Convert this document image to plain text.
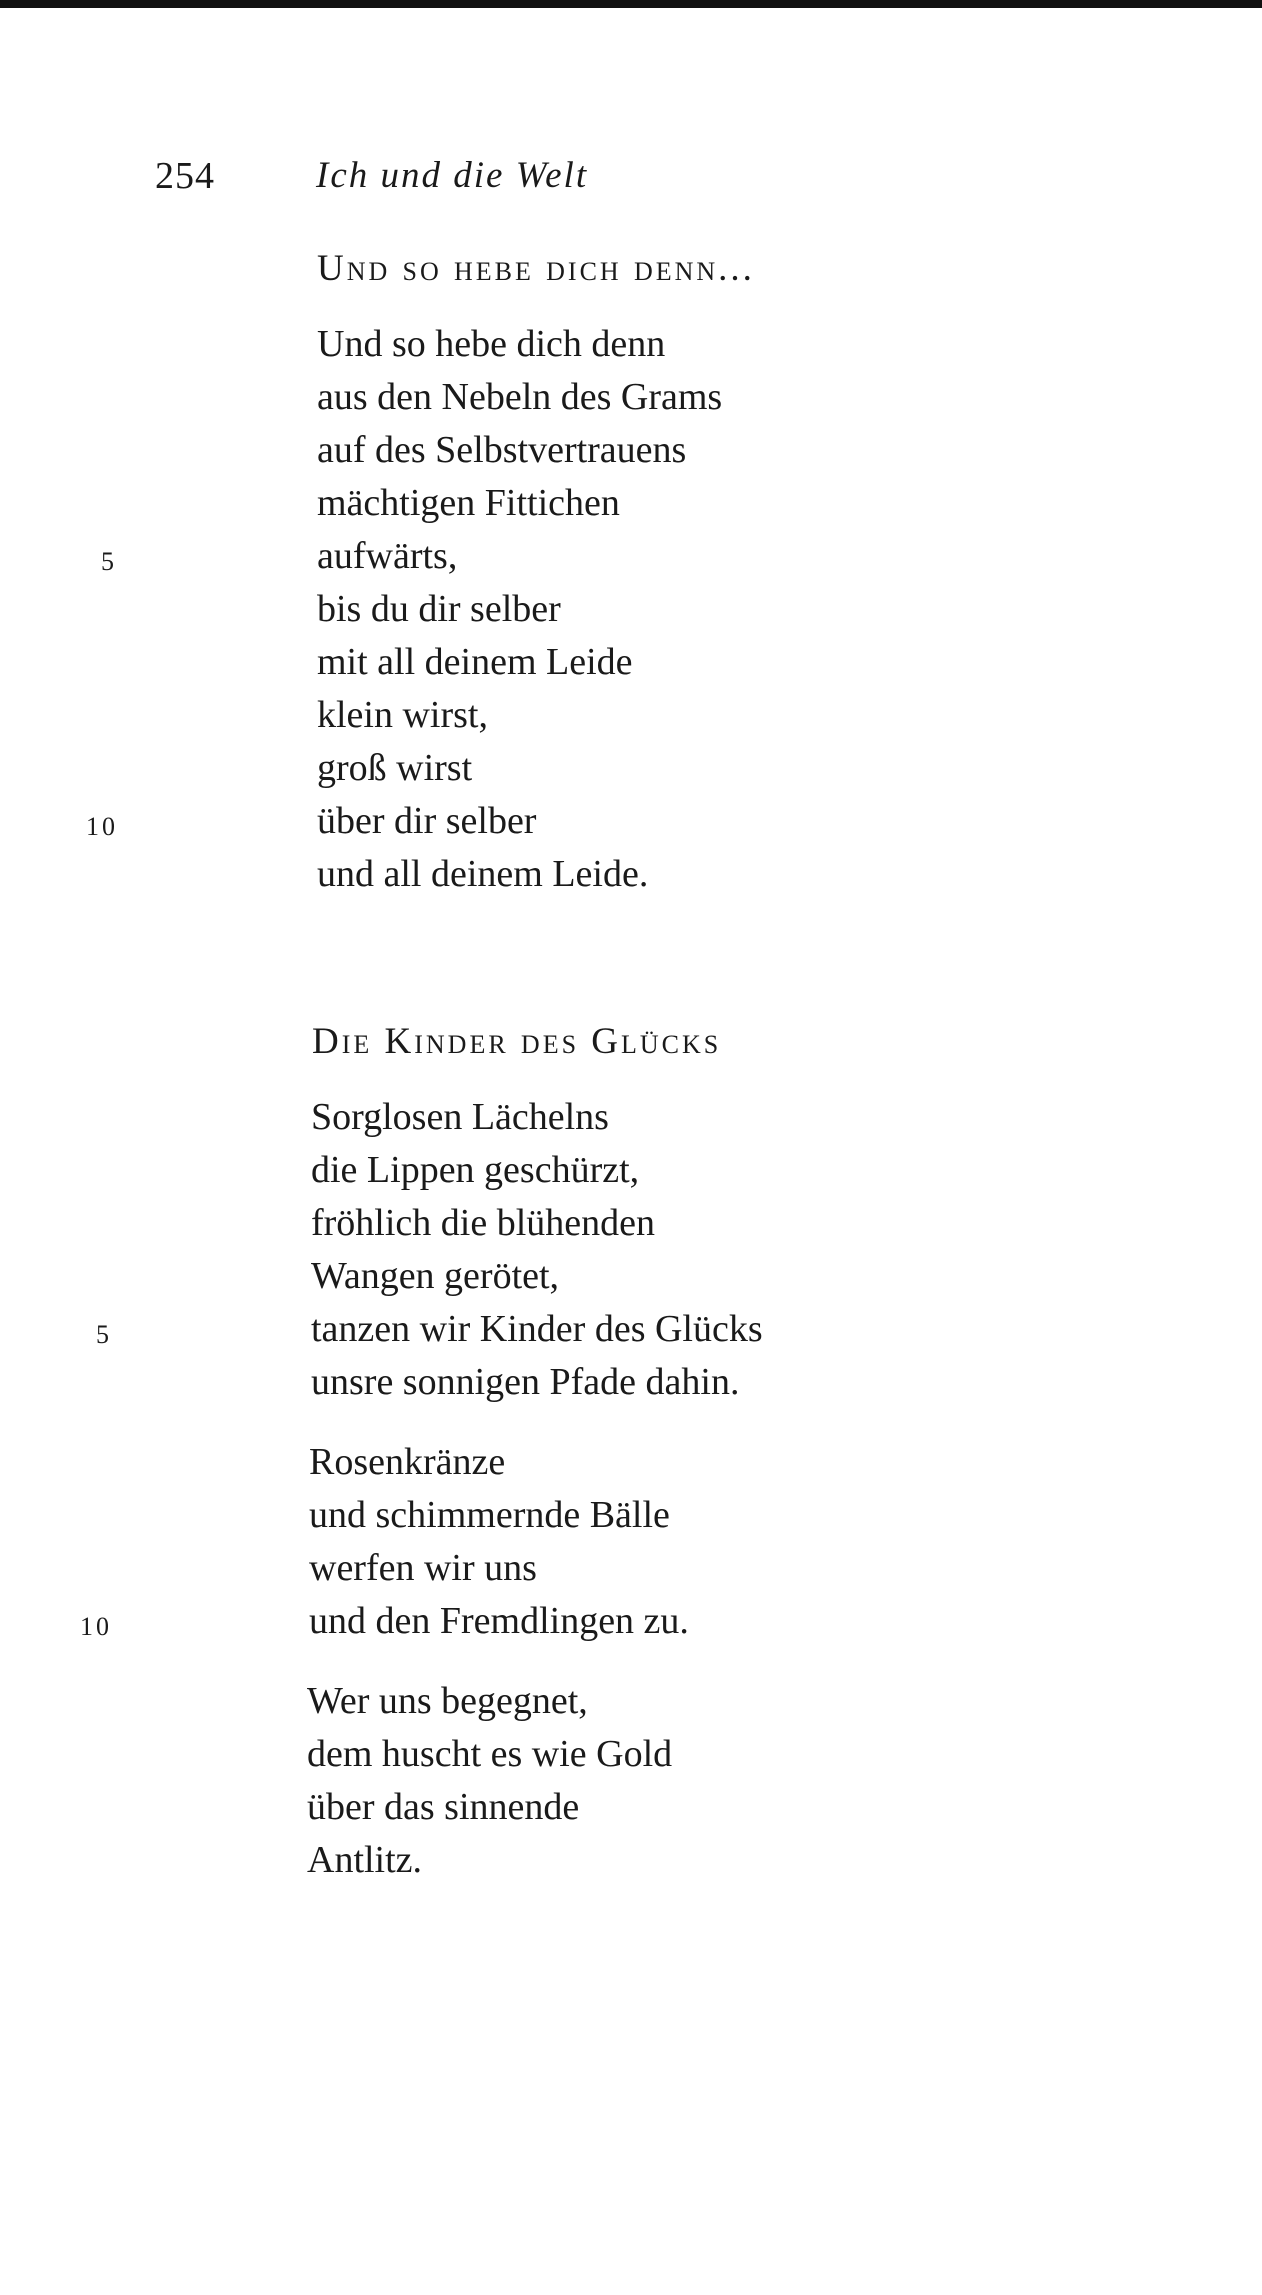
254	Ich und die Welt
Und so hebe dich denn...
Und so hebe dich denn
aus den Nebeln des Grams
auf des Selbstvertrauens
mächtigen Fittichen
aufwärts,
bis du dir selber
mit all deinem Leide
klein wirst,
groß wirst
über dir selber
und all deinem Leide.
5
10
Die Kinder des Glücks
Sorglosen Lächelns
die Lippen geschürzt,
fröhlich die blühenden
Wangen gerötet,
tanzen wir Kinder des Glücks
unsre sonnigen Pfade dahin.
Rosenkränze
und schimmernde Bälle
werfen wir uns
und den Fremdlingen zu.
Wer uns begegnet,
dem huscht es wie Gold
über das sinnende
Antlitz.
5
10
